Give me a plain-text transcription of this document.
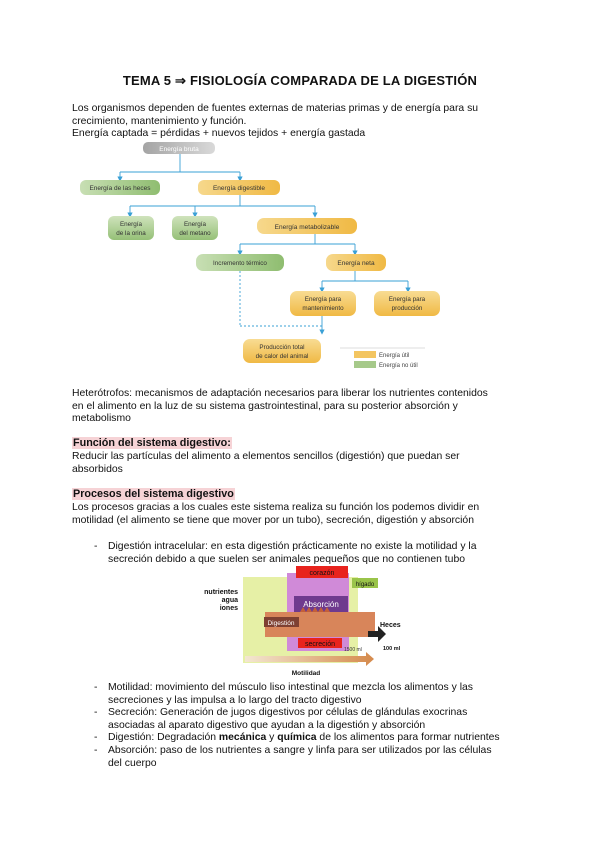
TEMA 5 ⇒ FISIOLOGÍA COMPARADA DE LA DIGESTIÓN
Los organismos dependen de fuentes externas de materias primas y de energía para su
crecimiento, mantenimiento y función.
Energía captada = pérdidas + nuevos tejidos + energía gastada
Energía bruta
Energía de las heces	Energía digestible
Energía
de la orina
Energía
del metano
Energía metabolizable
Incremento térmico	Energía neta
Energía para
mantenimiento
Energía para
producción
Producción total
de calor del animal	Energía útil
Energía no útil
Heterótrofos: mecanismos de adaptación necesarios para liberar los nutrientes contenidos
en el alimento en la luz de su sistema gastrointestinal, para su posterior absorción y
metabolismo
Función del sistema digestivo:
Reducir las partículas del alimento a elementos sencillos (digestión) que puedan ser
absorbidos
Procesos del sistema digestivo
Los procesos gracias a los cuales este sistema realiza su función los podemos dividir en
motilidad (el alimento se tiene que mover por un tubo), secreción, digestión y absorción
- Digestión intracelular: en esta digestión prácticamente no existe la motilidad y la
secreción debido a que suelen ser animales pequeños que no contienen tubo
corazón
hígado
Absorción
Digestión
secreción
1500 ml
nutrientes
agua
iones
Heces
100 ml
Motilidad
- Motilidad: movimiento del músculo liso intestinal que mezcla los alimentos y las
secreciones y las impulsa a lo largo del tracto digestivo
- Secreción: Generación de jugos digestivos por células de glándulas exocrinas
asociadas al aparato digestivo que ayudan a la digestión y absorción
- Digestión: Degradación mecánica y química de los alimentos para formar nutrientes
- Absorción: paso de los nutrientes a sangre y linfa para ser utilizados por las células
del cuerpo
